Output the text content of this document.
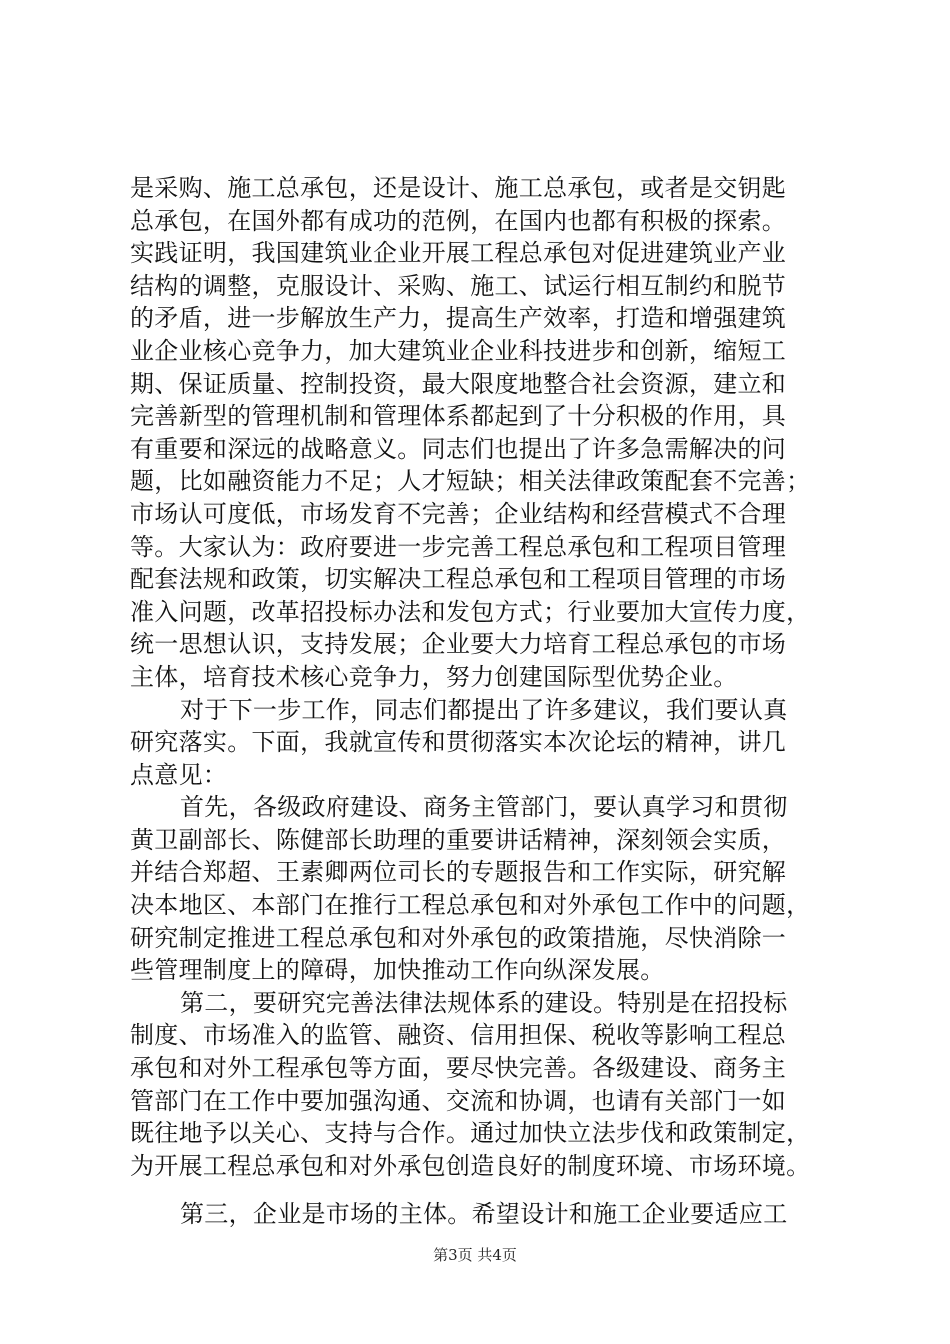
是采购、施工总承包，还是设计、施工总承包，或者是交钥匙
总承包，在国外都有成功的范例，在国内也都有积极的探索。
实践证明，我国建筑业企业开展工程总承包对促进建筑业产业
结构的调整，克服设计、采购、施工、试运行相互制约和脱节
的矛盾，进一步解放生产力，提高生产效率，打造和增强建筑
业企业核心竞争力，加大建筑业企业科技进步和创新，缩短工
期、保证质量、控制投资，最大限度地整合社会资源，建立和
完善新型的管理机制和管理体系都起到了十分积极的作用，具
有重要和深远的战略意义。同志们也提出了许多急需解决的问
题，比如融资能力不足；人才短缺；相关法律政策配套不完善；
市场认可度低，市场发育不完善；企业结构和经营模式不合理
等。大家认为：政府要进一步完善工程总承包和工程项目管理
配套法规和政策，切实解决工程总承包和工程项目管理的市场
准入问题，改革招投标办法和发包方式；行业要加大宣传力度，
统一思想认识，支持发展；企业要大力培育工程总承包的市场
主体，培育技术核心竞争力，努力创建国际型优势企业。
对于下一步工作，同志们都提出了许多建议，我们要认真
研究落实。下面，我就宣传和贯彻落实本次论坛的精神，讲几
点意见：
首先，各级政府建设、商务主管部门，要认真学习和贯彻
黄卫副部长、陈健部长助理的重要讲话精神，深刻领会实质，
并结合郑超、王素卿两位司长的专题报告和工作实际，研究解
决本地区、本部门在推行工程总承包和对外承包工作中的问题，
研究制定推进工程总承包和对外承包的政策措施，尽快消除一
些管理制度上的障碍，加快推动工作向纵深发展。
第二，要研究完善法律法规体系的建设。特别是在招投标
制度、市场准入的监管、融资、信用担保、税收等影响工程总
承包和对外工程承包等方面，要尽快完善。各级建设、商务主
管部门在工作中要加强沟通、交流和协调，也请有关部门一如
既往地予以关心、支持与合作。通过加快立法步伐和政策制定，
为开展工程总承包和对外承包创造良好的制度环境、市场环境。
第三，企业是市场的主体。希望设计和施工企业要适应工
第3页 共4页
